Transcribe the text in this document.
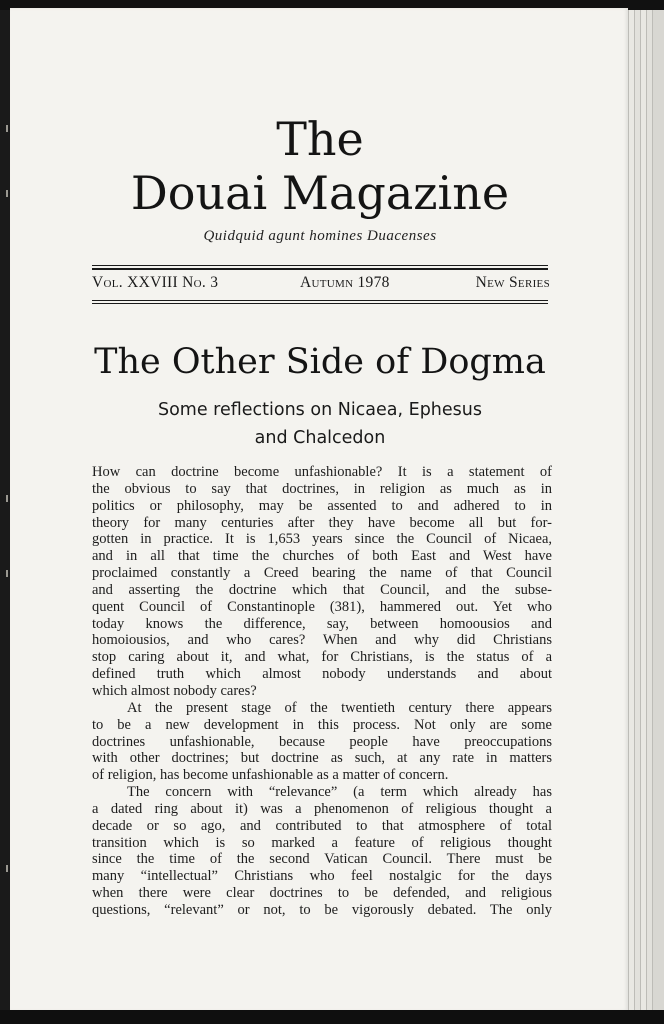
The
Douai Magazine
Quidquid agunt homines Duacenses
Vol. XXVIII No. 3	Autumn 1978	New Series
The Other Side of Dogma
Some reflections on Nicaea, Ephesus
and Chalcedon
How can doctrine become unfashionable? It is a statement of
the obvious to say that doctrines, in religion as much as in
politics or philosophy, may be assented to and adhered to in
theory for many centuries after they have become all but for-
gotten in practice. It is 1,653 years since the Council of Nicaea,
and in all that time the churches of both East and West have
proclaimed constantly a Creed bearing the name of that Council
and asserting the doctrine which that Council, and the subse-
quent Council of Constantinople (381), hammered out. Yet who
today knows the difference, say, between homoousios and
homoiousios, and who cares? When and why did Christians
stop caring about it, and what, for Christians, is the status of a
defined truth which almost nobody understands and about
which almost nobody cares?
At the present stage of the twentieth century there appears
to be a new development in this process. Not only are some
doctrines unfashionable, because people have preoccupations
with other doctrines; but doctrine as such, at any rate in matters
of religion, has become unfashionable as a matter of concern.
The concern with “relevance” (a term which already has
a dated ring about it) was a phenomenon of religious thought a
decade or so ago, and contributed to that atmosphere of total
transition which is so marked a feature of religious thought
since the time of the second Vatican Council. There must be
many “intellectual” Christians who feel nostalgic for the days
when there were clear doctrines to be defended, and religious
questions, “relevant” or not, to be vigorously debated. The only
